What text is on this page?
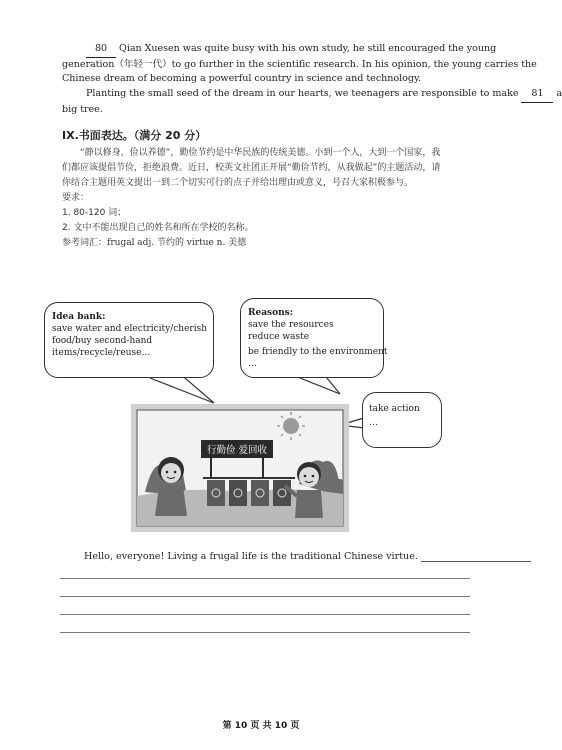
80 Qian Xuesen was quite busy with his own study, he still encouraged the young
generation（年轻一代）to go further in the scientific research. In his opinion, the young carries the
Chinese dream of becoming a powerful country in science and technology.
Planting the small seed of the dream in our hearts, we teenagers are responsible to make 81 a
big tree.
IX.书面表达。（满分 20 分）
“静以修身，俭以养德”，勤俭节约是中华民族的传统美德。小到一个人，大到一个国家，我
们都应该提倡节俭，拒绝浪费。近日，校英文社团正开展“勤俭节约，从我做起”的主题活动，请
你结合主题用英文提出一到二个切实可行的点子并给出理由或意义，号召大家积极参与。
要求：
1. 80-120 词；
2. 文中不能出现自己的姓名和所在学校的名称。
参考词汇：frugal adj. 节约的 virtue n. 美德
Idea bank:
save water and electricity/cherish
food/buy second-hand
items/recycle/reuse…
Reasons:
save the resources
reduce waste
be friendly to the environment
…
take action
…
行勤俭 爱回收
Hello, everyone! Living a frugal life is the traditional Chinese virtue.
第 10 页 共 10 页
